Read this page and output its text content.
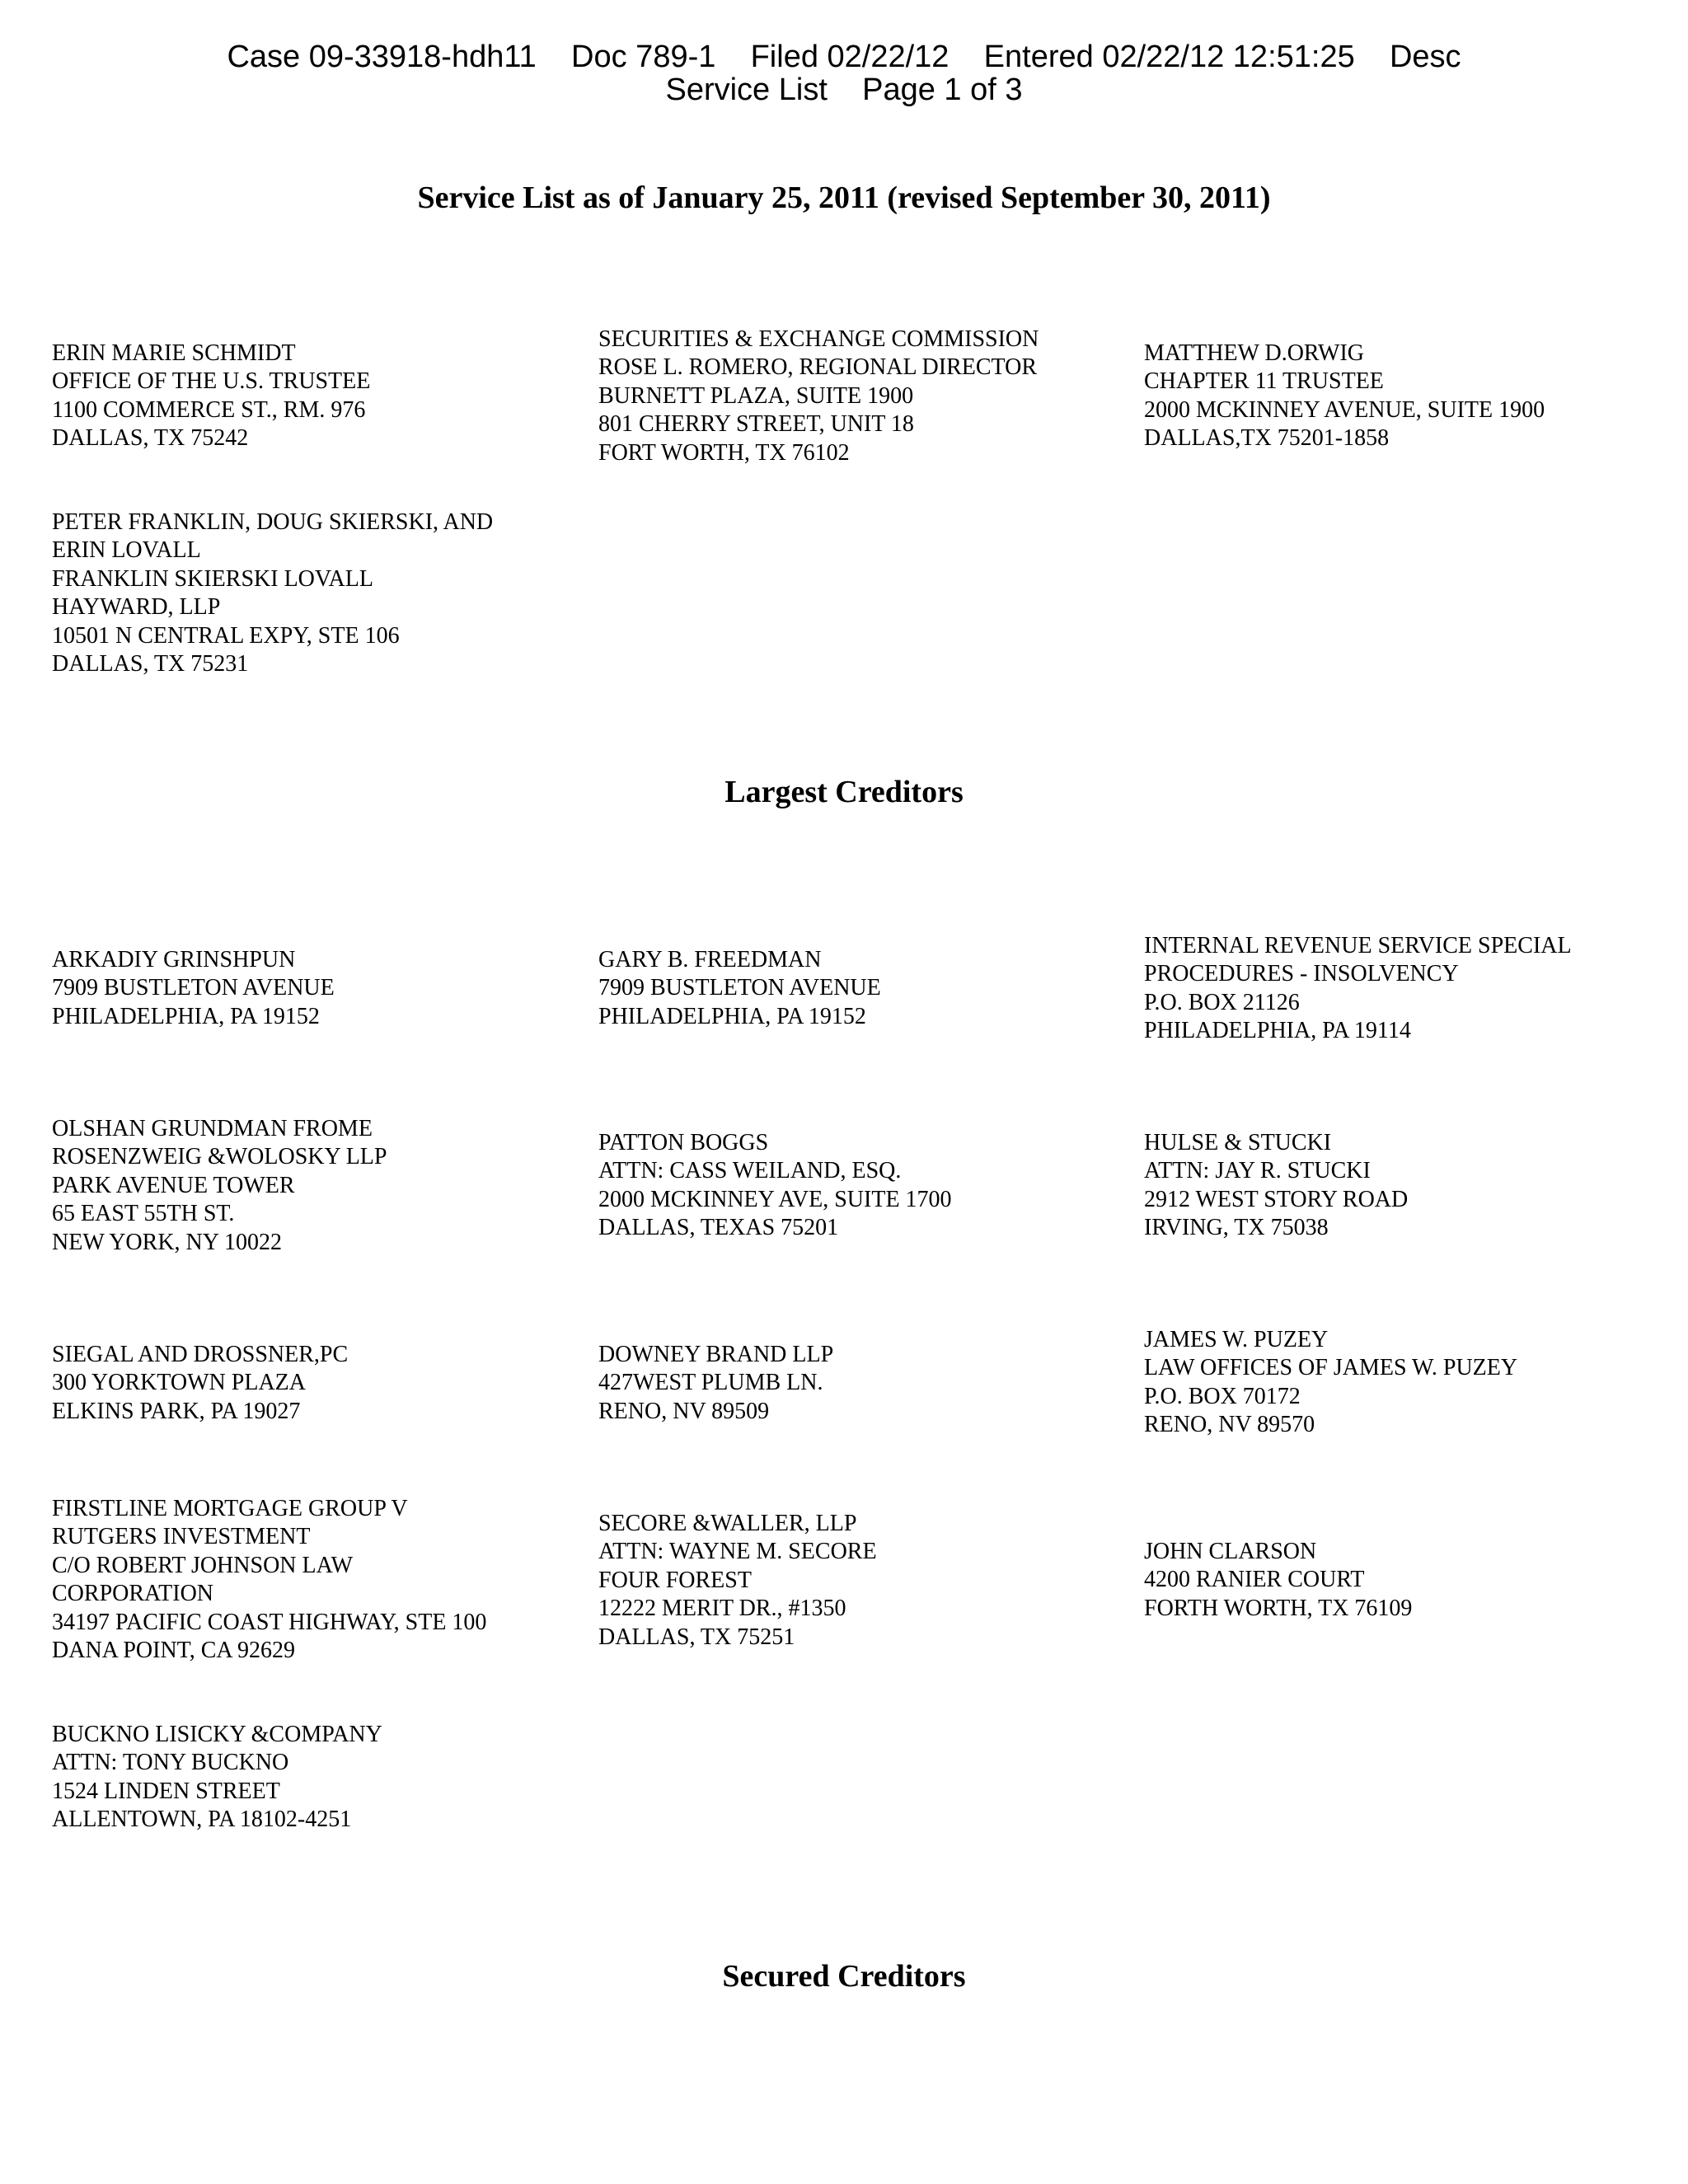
Case 09-33918-hdh11    Doc 789-1    Filed 02/22/12    Entered 02/22/12 12:51:25    Desc
Service List    Page 1 of 3
Service List as of January 25, 2011 (revised September 30, 2011)
ERIN MARIE SCHMIDT
OFFICE OF THE U.S. TRUSTEE
1100 COMMERCE ST., RM. 976
DALLAS, TX 75242
SECURITIES & EXCHANGE COMMISSION
ROSE L. ROMERO, REGIONAL DIRECTOR
BURNETT PLAZA, SUITE 1900
801 CHERRY STREET, UNIT 18
FORT WORTH, TX 76102
MATTHEW D.ORWIG
CHAPTER 11 TRUSTEE
2000 MCKINNEY AVENUE, SUITE 1900
DALLAS,TX 75201-1858
PETER FRANKLIN, DOUG SKIERSKI, AND
ERIN LOVALL
FRANKLIN SKIERSKI LOVALL
HAYWARD, LLP
10501 N CENTRAL EXPY, STE 106
DALLAS, TX 75231
Largest Creditors
ARKADIY GRINSHPUN
7909 BUSTLETON AVENUE
PHILADELPHIA, PA 19152
GARY B. FREEDMAN
7909 BUSTLETON AVENUE
PHILADELPHIA, PA 19152
INTERNAL REVENUE SERVICE SPECIAL
PROCEDURES - INSOLVENCY
P.O. BOX 21126
PHILADELPHIA, PA 19114
OLSHAN GRUNDMAN FROME
ROSENZWEIG &WOLOSKY LLP
PARK AVENUE TOWER
65 EAST 55TH ST.
NEW YORK, NY 10022
PATTON BOGGS
ATTN: CASS WEILAND, ESQ.
2000 MCKINNEY AVE, SUITE 1700
DALLAS, TEXAS 75201
HULSE & STUCKI
ATTN: JAY R. STUCKI
2912 WEST STORY ROAD
IRVING, TX 75038
SIEGAL AND DROSSNER,PC
300 YORKTOWN PLAZA
ELKINS PARK, PA 19027
DOWNEY BRAND LLP
427WEST PLUMB LN.
RENO, NV 89509
JAMES W. PUZEY
LAW OFFICES OF JAMES W. PUZEY
P.O. BOX 70172
RENO, NV 89570
FIRSTLINE MORTGAGE GROUP V
RUTGERS INVESTMENT
C/O ROBERT JOHNSON LAW
CORPORATION
34197 PACIFIC COAST HIGHWAY, STE 100
DANA POINT, CA 92629
SECORE &WALLER, LLP
ATTN: WAYNE M. SECORE
FOUR FOREST
12222 MERIT DR., #1350
DALLAS, TX 75251
JOHN CLARSON
4200 RANIER COURT
FORTH WORTH, TX 76109
BUCKNO LISICKY &COMPANY
ATTN: TONY BUCKNO
1524 LINDEN STREET
ALLENTOWN, PA 18102-4251
Secured Creditors
